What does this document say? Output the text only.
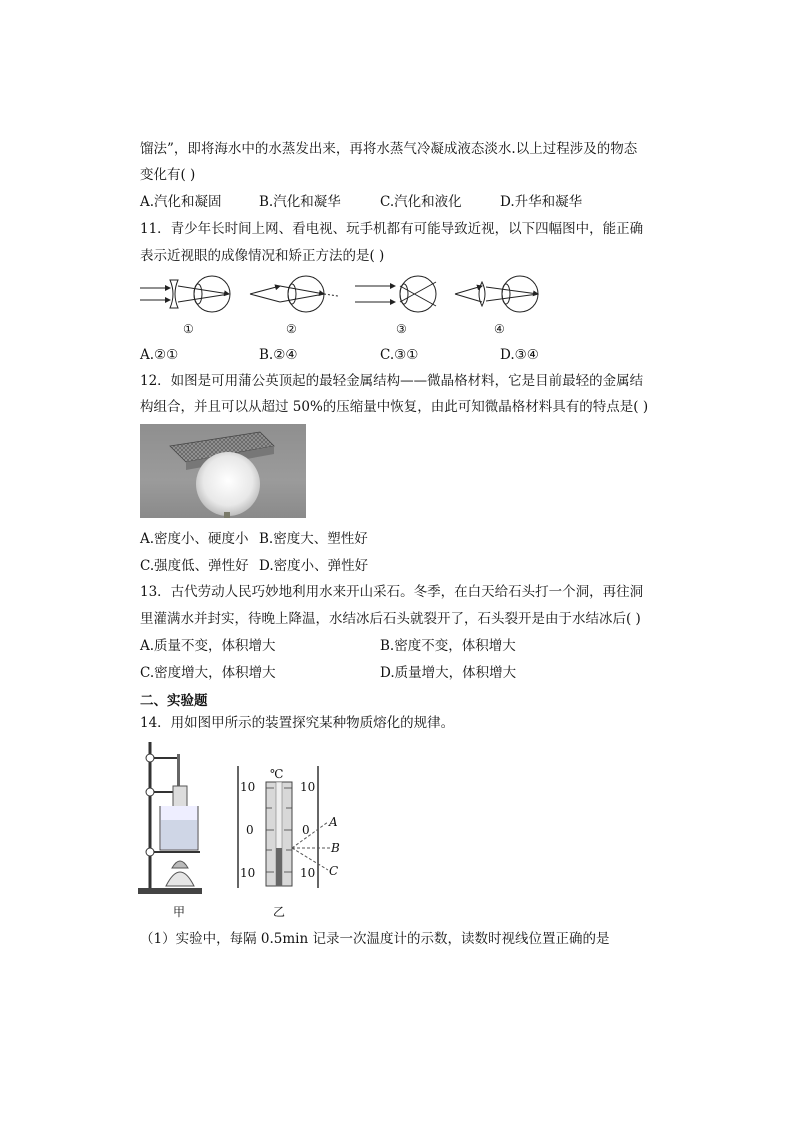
馏法”，即将海水中的水蒸发出来，再将水蒸气冷凝成液态淡水.以上过程涉及的物态
变化有( )
A.汽化和凝固	B.汽化和凝华	C.汽化和液化	D.升华和凝华
11．青少年长时间上网、看电视、玩手机都有可能导致近视，以下四幅图中，能正确
表示近视眼的成像情况和矫正方法的是( )
①	②	③	④
A.②①	B.②④	C.③①	D.③④
12．如图是可用蒲公英顶起的最轻金属结构——微晶格材料，它是目前最轻的金属结
构组合，并且可以从超过 50%的压缩量中恢复，由此可知微晶格材料具有的特点是( )
A.密度小、硬度小 B.密度大、塑性好
C.强度低、弹性好 D.密度小、弹性好
13．古代劳动人民巧妙地利用水来开山采石。冬季，在白天给石头打一个洞，再往洞
里灌满水并封实，待晚上降温，水结冰后石头就裂开了，石头裂开是由于水结冰后( )
A.质量不变，体积增大	B.密度不变，体积增大
C.密度增大，体积增大	D.质量增大，体积增大
二、实验题
14．用如图甲所示的装置探究某种物质熔化的规律。
甲
℃
10
0
10
10
0
10
A
B
C
乙
（1）实验中，每隔 0.5min 记录一次温度计的示数，读数时视线位置正确的是
